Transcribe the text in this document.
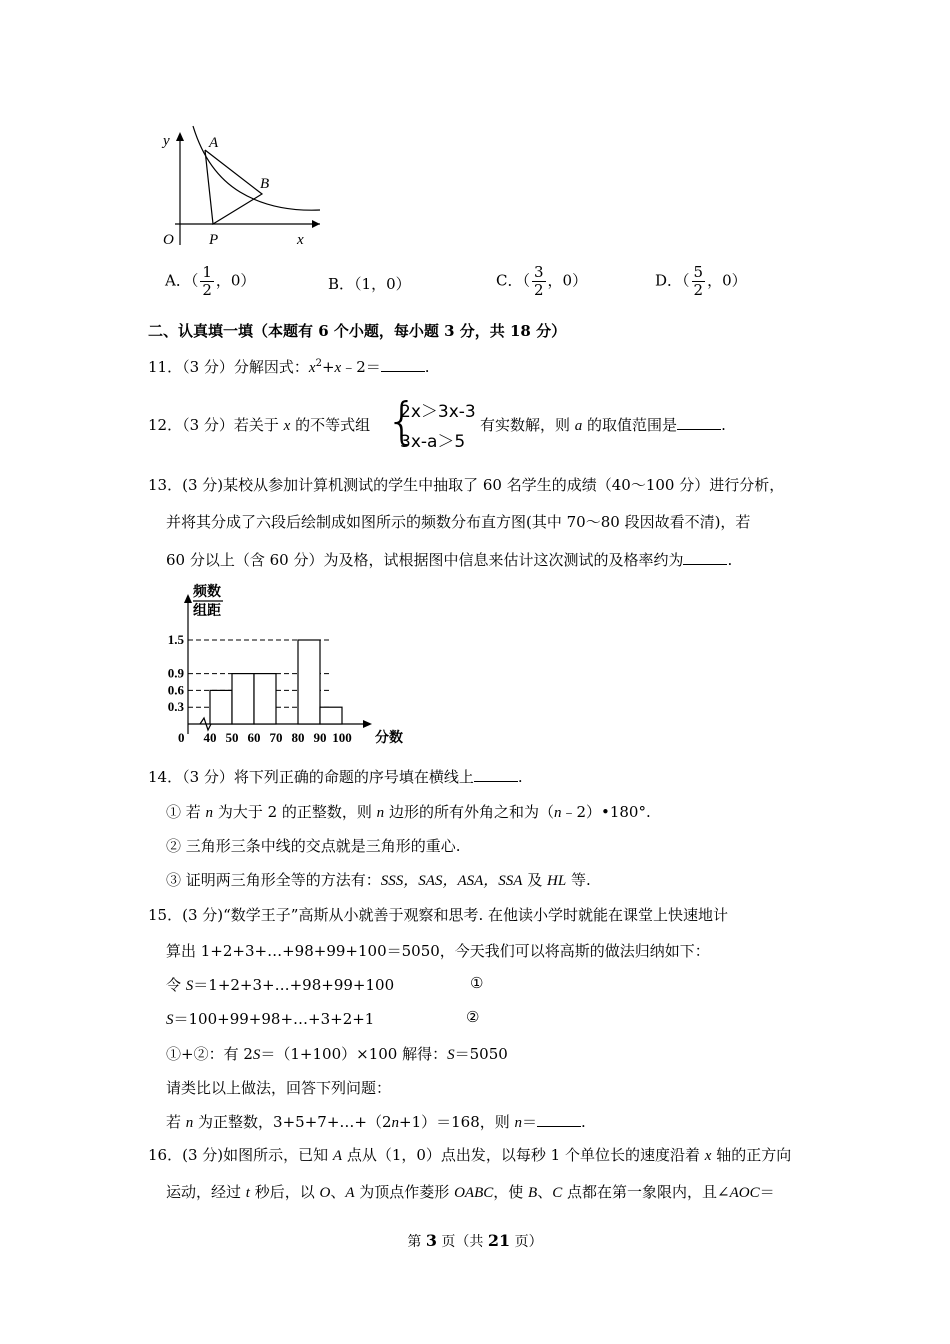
y	A
B
O P	x
A．（ $\frac{1}{2}$ ，0）	B．（1，0）	C．（ $\frac{3}{2}$ ，0）	D．（ $\frac{5}{2}$ ，0）
二、认真填一填（本题有 6 个小题，每小题 3 分，共 18 分）
11．（3 分）分解因式：$x^2+x﹣2=$	.
12．（3 分）若关于 x 的不等式组 {
2x＞3x-3
3x-a＞5
有实数解，则 a 的取值范围是	.
13．(3 分)某校从参加计算机测试的学生中抽取了 60 名学生的成绩（40～100 分）进行分析，
并将其分成了六段后绘制成如图所示的频数分布直方图(其中 70～80 段因故看不清)，若
60 分以上（含 60 分）为及格，试根据图中信息来估计这次测试的及格率约为	.
频数
组距
0	分数
1.5
0.9
0.6
0.3
40 50 60 70 80 90 100
14．（3 分）将下列正确的命题的序号填在横线上	.
① 若 n 为大于 2 的正整数，则 n 边形的所有外角之和为（n﹣2）•180°.
② 三角形三条中线的交点就是三角形的重心.
③ 证明两三角形全等的方法有：SSS，SAS，ASA，SSA 及 HL 等.
15．(3 分)“数学王子”高斯从小就善于观察和思考. 在他读小学时就能在课堂上快速地计
算出 1+2+3+…+98+99+100＝5050，今天我们可以将高斯的做法归纳如下：
令 S＝1+2+3+…+98+99+100	①
S＝100+99+98+…+3+2+1	②
①+②：有 2S＝（1+100）×100 解得：S＝5050
请类比以上做法，回答下列问题：
若 n 为正整数，3+5+7+…+（2n+1）＝168，则 n＝	.
16．(3 分)如图所示，已知 A 点从（1，0）点出发，以每秒 1 个单位长的速度沿着 x 轴的正方向
运动，经过 t 秒后，以 O、A 为顶点作菱形 OABC，使 B、C 点都在第一象限内，且∠AOC＝
第 3 页（共 21 页）
